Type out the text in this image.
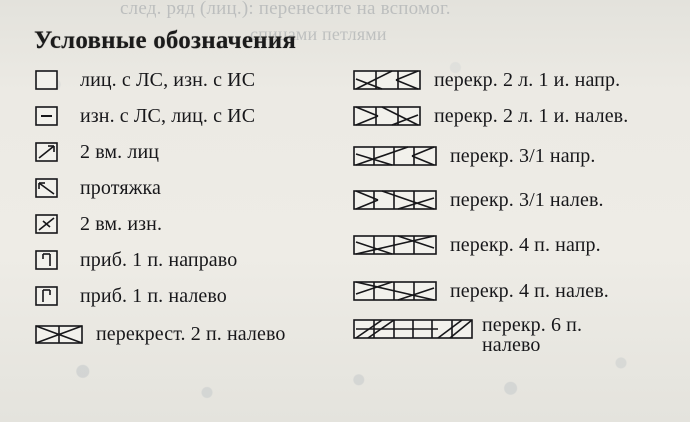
след. ряд (лиц.): перенесите на вспомог.
спицами петлями
Условные обозначения
лиц. с ЛС, изн. с ИС
изн. с ЛС, лиц. с ИС
2 вм. лиц
протяжка
2 вм. изн.
приб. 1 п. направо
приб. 1 п. налево
перекрест. 2 п. налево
перекр. 2 л. 1 и. напр.
перекр. 2 л. 1 и. налев.
перекр. 3/1 напр.
перекр. 3/1 налев.
перекр. 4 п. напр.
перекр. 4 п. налев.
перекр. 6 п. налево
